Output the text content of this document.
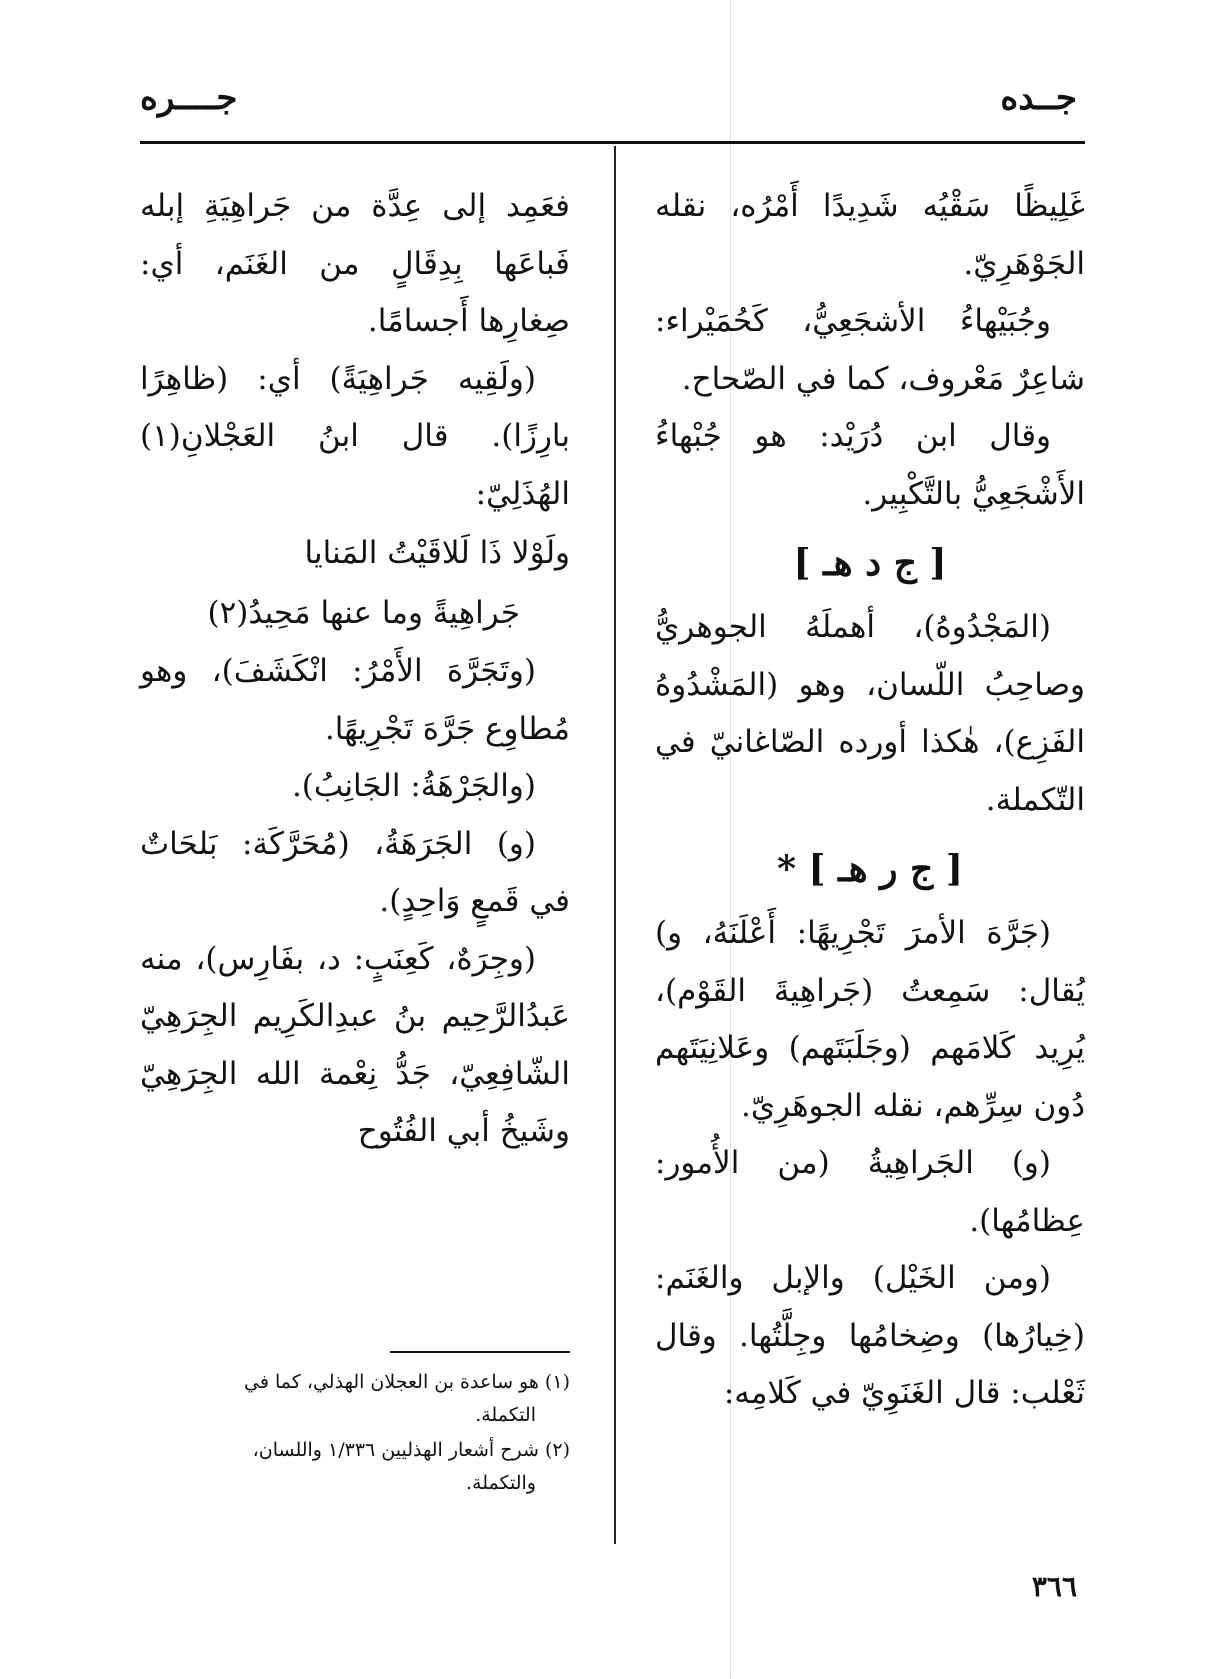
جــده
جــــره

غَلِيظًا سَقْيُه شَدِيدًا أَمْرُه، نقله الجَوْهَرِيّ.

وجُبَيْهاءُ الأشجَعِيُّ، كَحُمَيْراء: شاعِرٌ مَعْروف، كما في الصّحاح.

وقال ابن دُرَيْد: هو جُبْهاءُ الأَشْجَعِيُّ بالتَّكْبِير.

[ ج د هـ ]

(المَجْدُوهُ)، أهملَهُ الجوهريُّ وصاحِبُ اللّسان، وهو (المَشْدُوهُ الفَزِع)، هٰكذا أورده الصّاغانيّ في التّكملة.

[ ج ر هـ ] *

(جَرَّهَ الأمرَ تَجْرِيهًا: أَعْلَنَهُ، و) يُقال: سَمِعتُ (جَراهِيةَ القَوْم)، يُرِيد كَلامَهم (وجَلَبَتَهم) وعَلانِيَتَهم دُون سِرِّهم، نقله الجوهَرِيّ.

(و) الجَراهِيةُ (من الأُمور: عِظامُها).

(ومن الخَيْل) والإبل والغَنَم: (خِيارُها) وضِخامُها وجِلَّتُها. وقال ثَعْلب: قال الغَنَوِيّ في كَلامِه:

فعَمِد إلى عِدَّة من جَراهِيَةِ إبله فَباعَها بِدِقَالٍ من الغَنَم، أي: صِغارِها أَجسامًا.

(ولَقِيه جَراهِيَةً) أي: (ظاهِرًا بارِزًا). قال ابنُ العَجْلانِ(١) الهُذَلِيّ:

ولَوْلا ذَا لَلاقَيْتُ المَنايا

جَراهِيةً وما عنها مَحِيدُ(٢)

(وتَجَرَّهَ الأَمْرُ: انْكَشَفَ)، وهو مُطاوِع جَرَّهَ تَجْرِيهًا.

(والجَرْهَةُ: الجَانِبُ).

(و) الجَرَهَةُ، (مُحَرَّكَة: بَلحَاتٌ في قَمعٍ وَاحِدٍ).

(وجِرَهٌ، كَعِنَبٍ: د، بفَارِس)، منه عَبدُالرَّحِيم بنُ عبدِالكَرِيم الجِرَهِيّ الشّافِعِيّ، جَدُّ نِعْمة الله الجِرَهِيّ وشَيخُ أبي الفُتُوح

(١) هو ساعدة بن العجلان الهذلي، كما في
التكملة.

(٢) شرح أشعار الهذليين ١/٣٣٦ واللسان،
والتكملة.

٣٦٦
